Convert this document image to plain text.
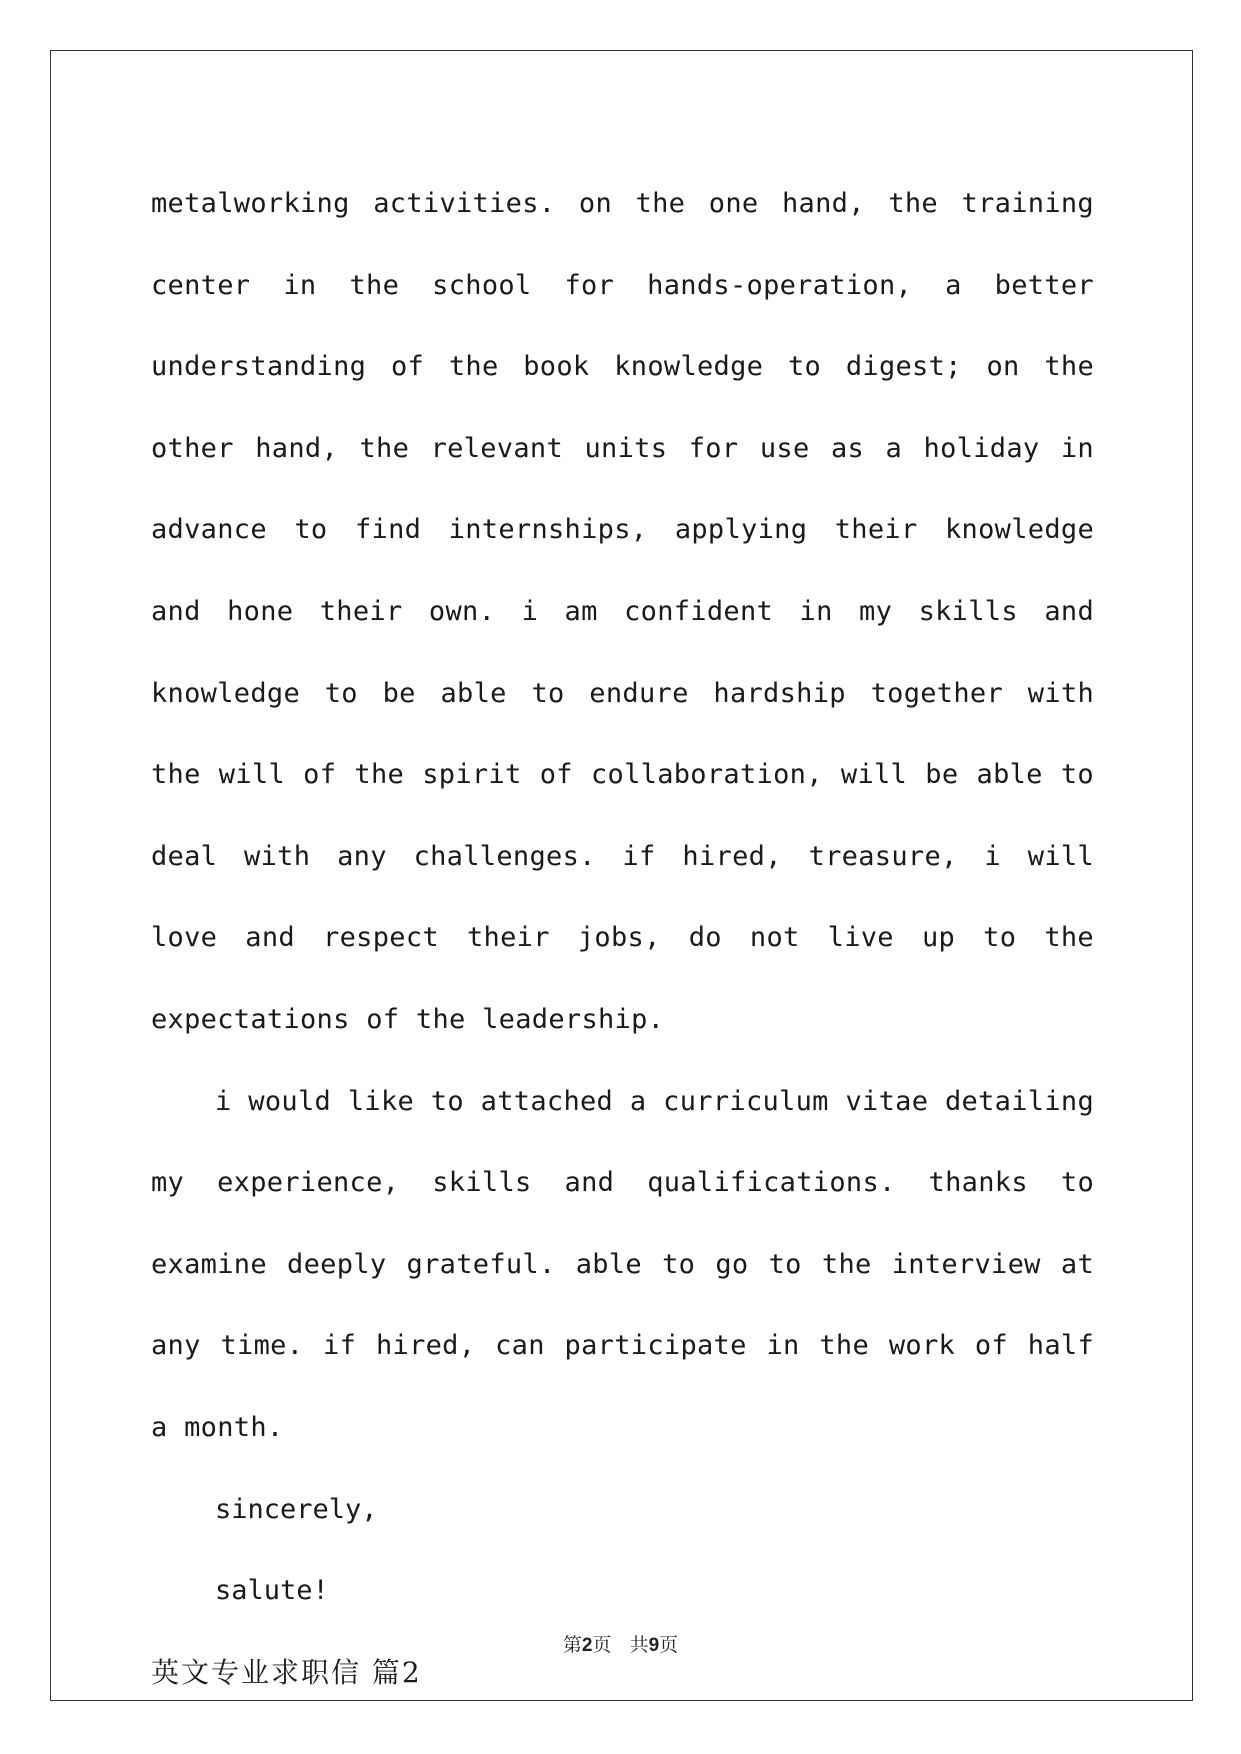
metalworking activities. on the one hand, the training center in the school for hands-operation, a better understanding of the book knowledge to digest; on the other hand, the relevant units for use as a holiday in advance to find internships, applying their knowledge and hone their own. i am confident in my skills and knowledge to be able to endure hardship together with the will of the spirit of collaboration, will be able to deal with any challenges. if hired, treasure, i will love and respect their jobs, do not live up to the expectations of the leadership.

i would like to attached a curriculum vitae detailing my experience, skills and qualifications. thanks to examine deeply grateful. able to go to the interview at any time. if hired, can participate in the work of half a month.

sincerely,

salute!

英文专业求职信 篇2

第2页 共9页
